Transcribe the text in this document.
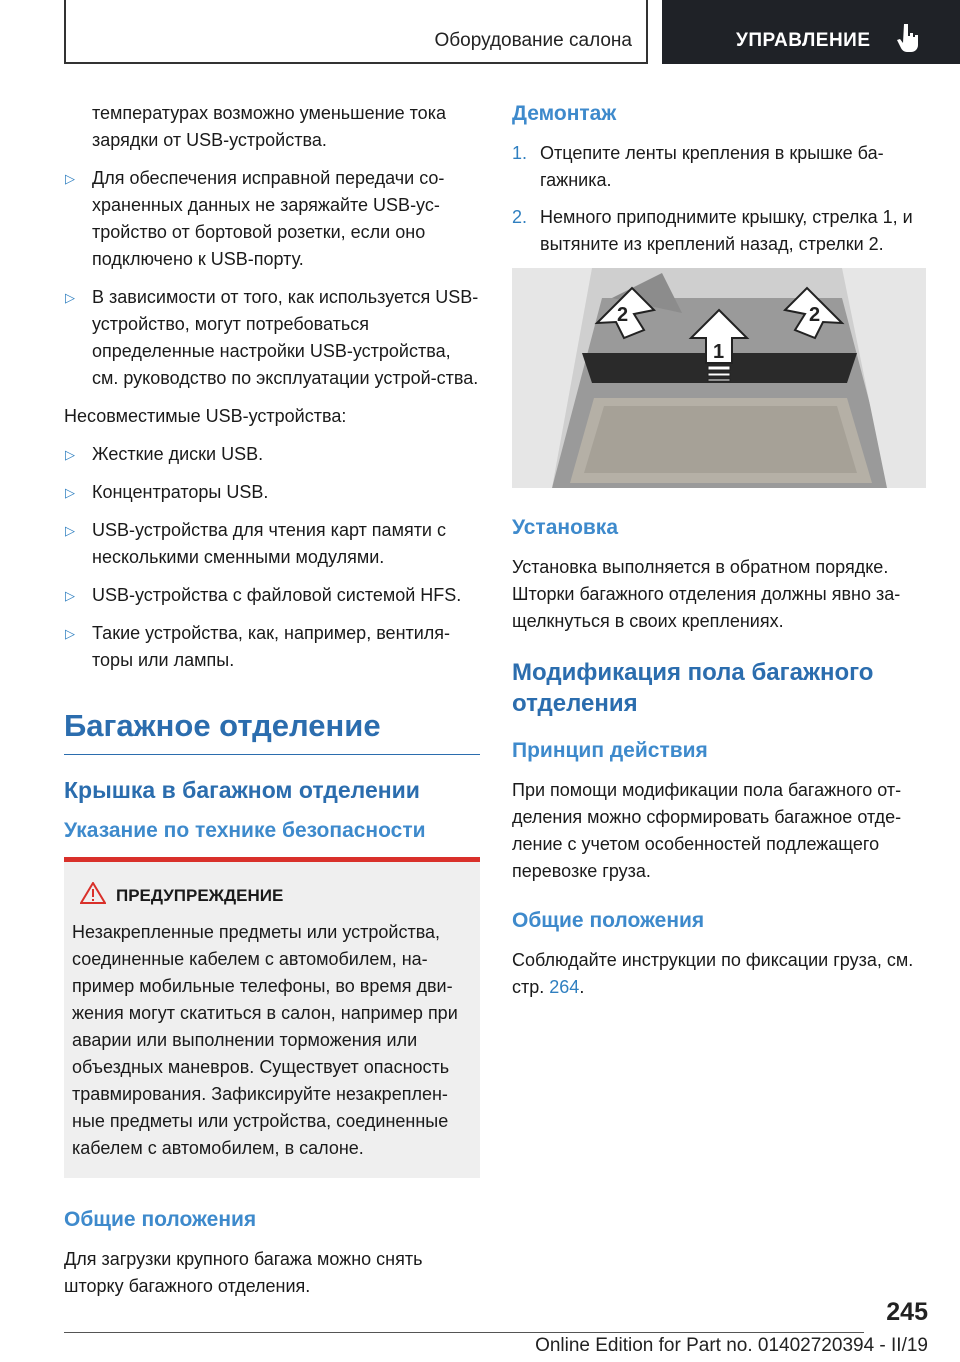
Оборудование салона	УПРАВЛЕНИЕ
температурах возможно уменьшение тока зарядки от USB-устройства.
▷ Для обеспечения исправной передачи со-храненных данных не заряжайте USB-ус-тройство от бортовой розетки, если оно подключено к USB-порту.
▷ В зависимости от того, как используется USB-устройство, могут потребоваться определенные настройки USB-устройства, см. руководство по эксплуатации устрой-ства.

Несовместимые USB-устройства:

▷ Жесткие диски USB.
▷ Концентраторы USB.
▷ USB-устройства для чтения карт памяти с несколькими сменными модулями.
▷ USB-устройства с файловой системой HFS.
▷ Такие устройства, как, например, вентиля-торы или лампы.
Багажное отделение
Крышка в багажном отделении
Указание по технике безопасности
ПРЕДУПРЕЖДЕНИЕ
Незакрепленные предметы или устройства, соединенные кабелем с автомобилем, на-пример мобильные телефоны, во время дви-жения могут скатиться в салон, например при аварии или выполнении торможения или объездных маневров. Существует опасность травмирования. Зафиксируйте незакреплен-ные предметы или устройства, соединенные кабелем с автомобилем, в салоне.
Общие положения

Для загрузки крупного багажа можно снять шторку багажного отделения.

Демонтаж
1. Отцепите ленты крепления в крышке ба-гажника.
2. Немного приподнимите крышку, стрелка 1, и вытяните из креплений назад, стрелки 2.
2	2
1
Установка

Установка выполняется в обратном порядке. Шторки багажного отделения должны явно за-щелкнуться в своих креплениях.

Модификация пола багажного отделения
Принцип действия

При помощи модификации пола багажного от-деления можно сформировать багажное отде-ление с учетом особенностей подлежащего перевозке груза.

Общие положения

Соблюдайте инструкции по фиксации груза, см. стр. 264.

245
Online Edition for Part no. 01402720394 - II/19
